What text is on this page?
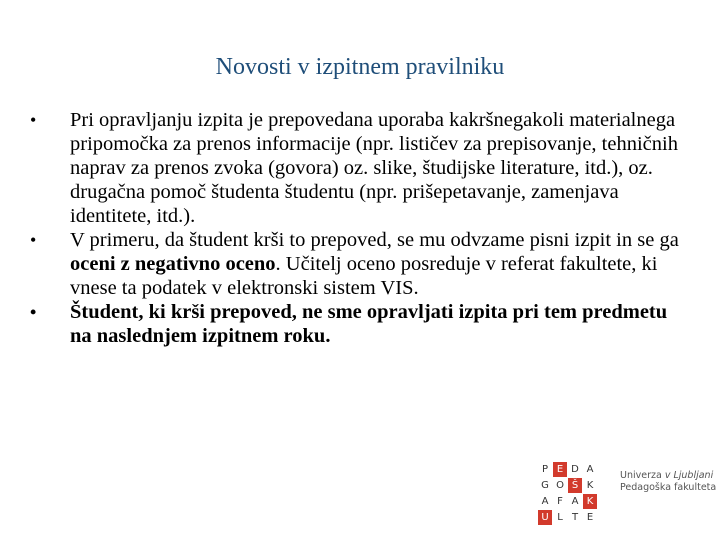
Novosti v izpitnem pravilniku
• Pri opravljanju izpita je prepovedana uporaba kakršnegakoli materialnega pripomočka za prenos informacije (npr. lističev za prepisovanje, tehničnih naprav za prenos zvoka (govora) oz. slike, študijske literature, itd.), oz. drugačna pomoč študenta študentu (npr. prišepetavanje, zamenjava identitete, itd.).
• V primeru, da študent krši to prepoved, se mu odvzame pisni izpit in se ga oceni z negativno oceno. Učitelj oceno posreduje v referat fakultete, ki vnese ta podatek v elektronski sistem VIS.
• Študent, ki krši prepoved, ne sme opravljati izpita pri tem predmetu na naslednjem izpitnem roku.
P E D A
G O Š K
A F A K
U L T E
Univerza v Ljubljani
Pedagoška fakulteta
